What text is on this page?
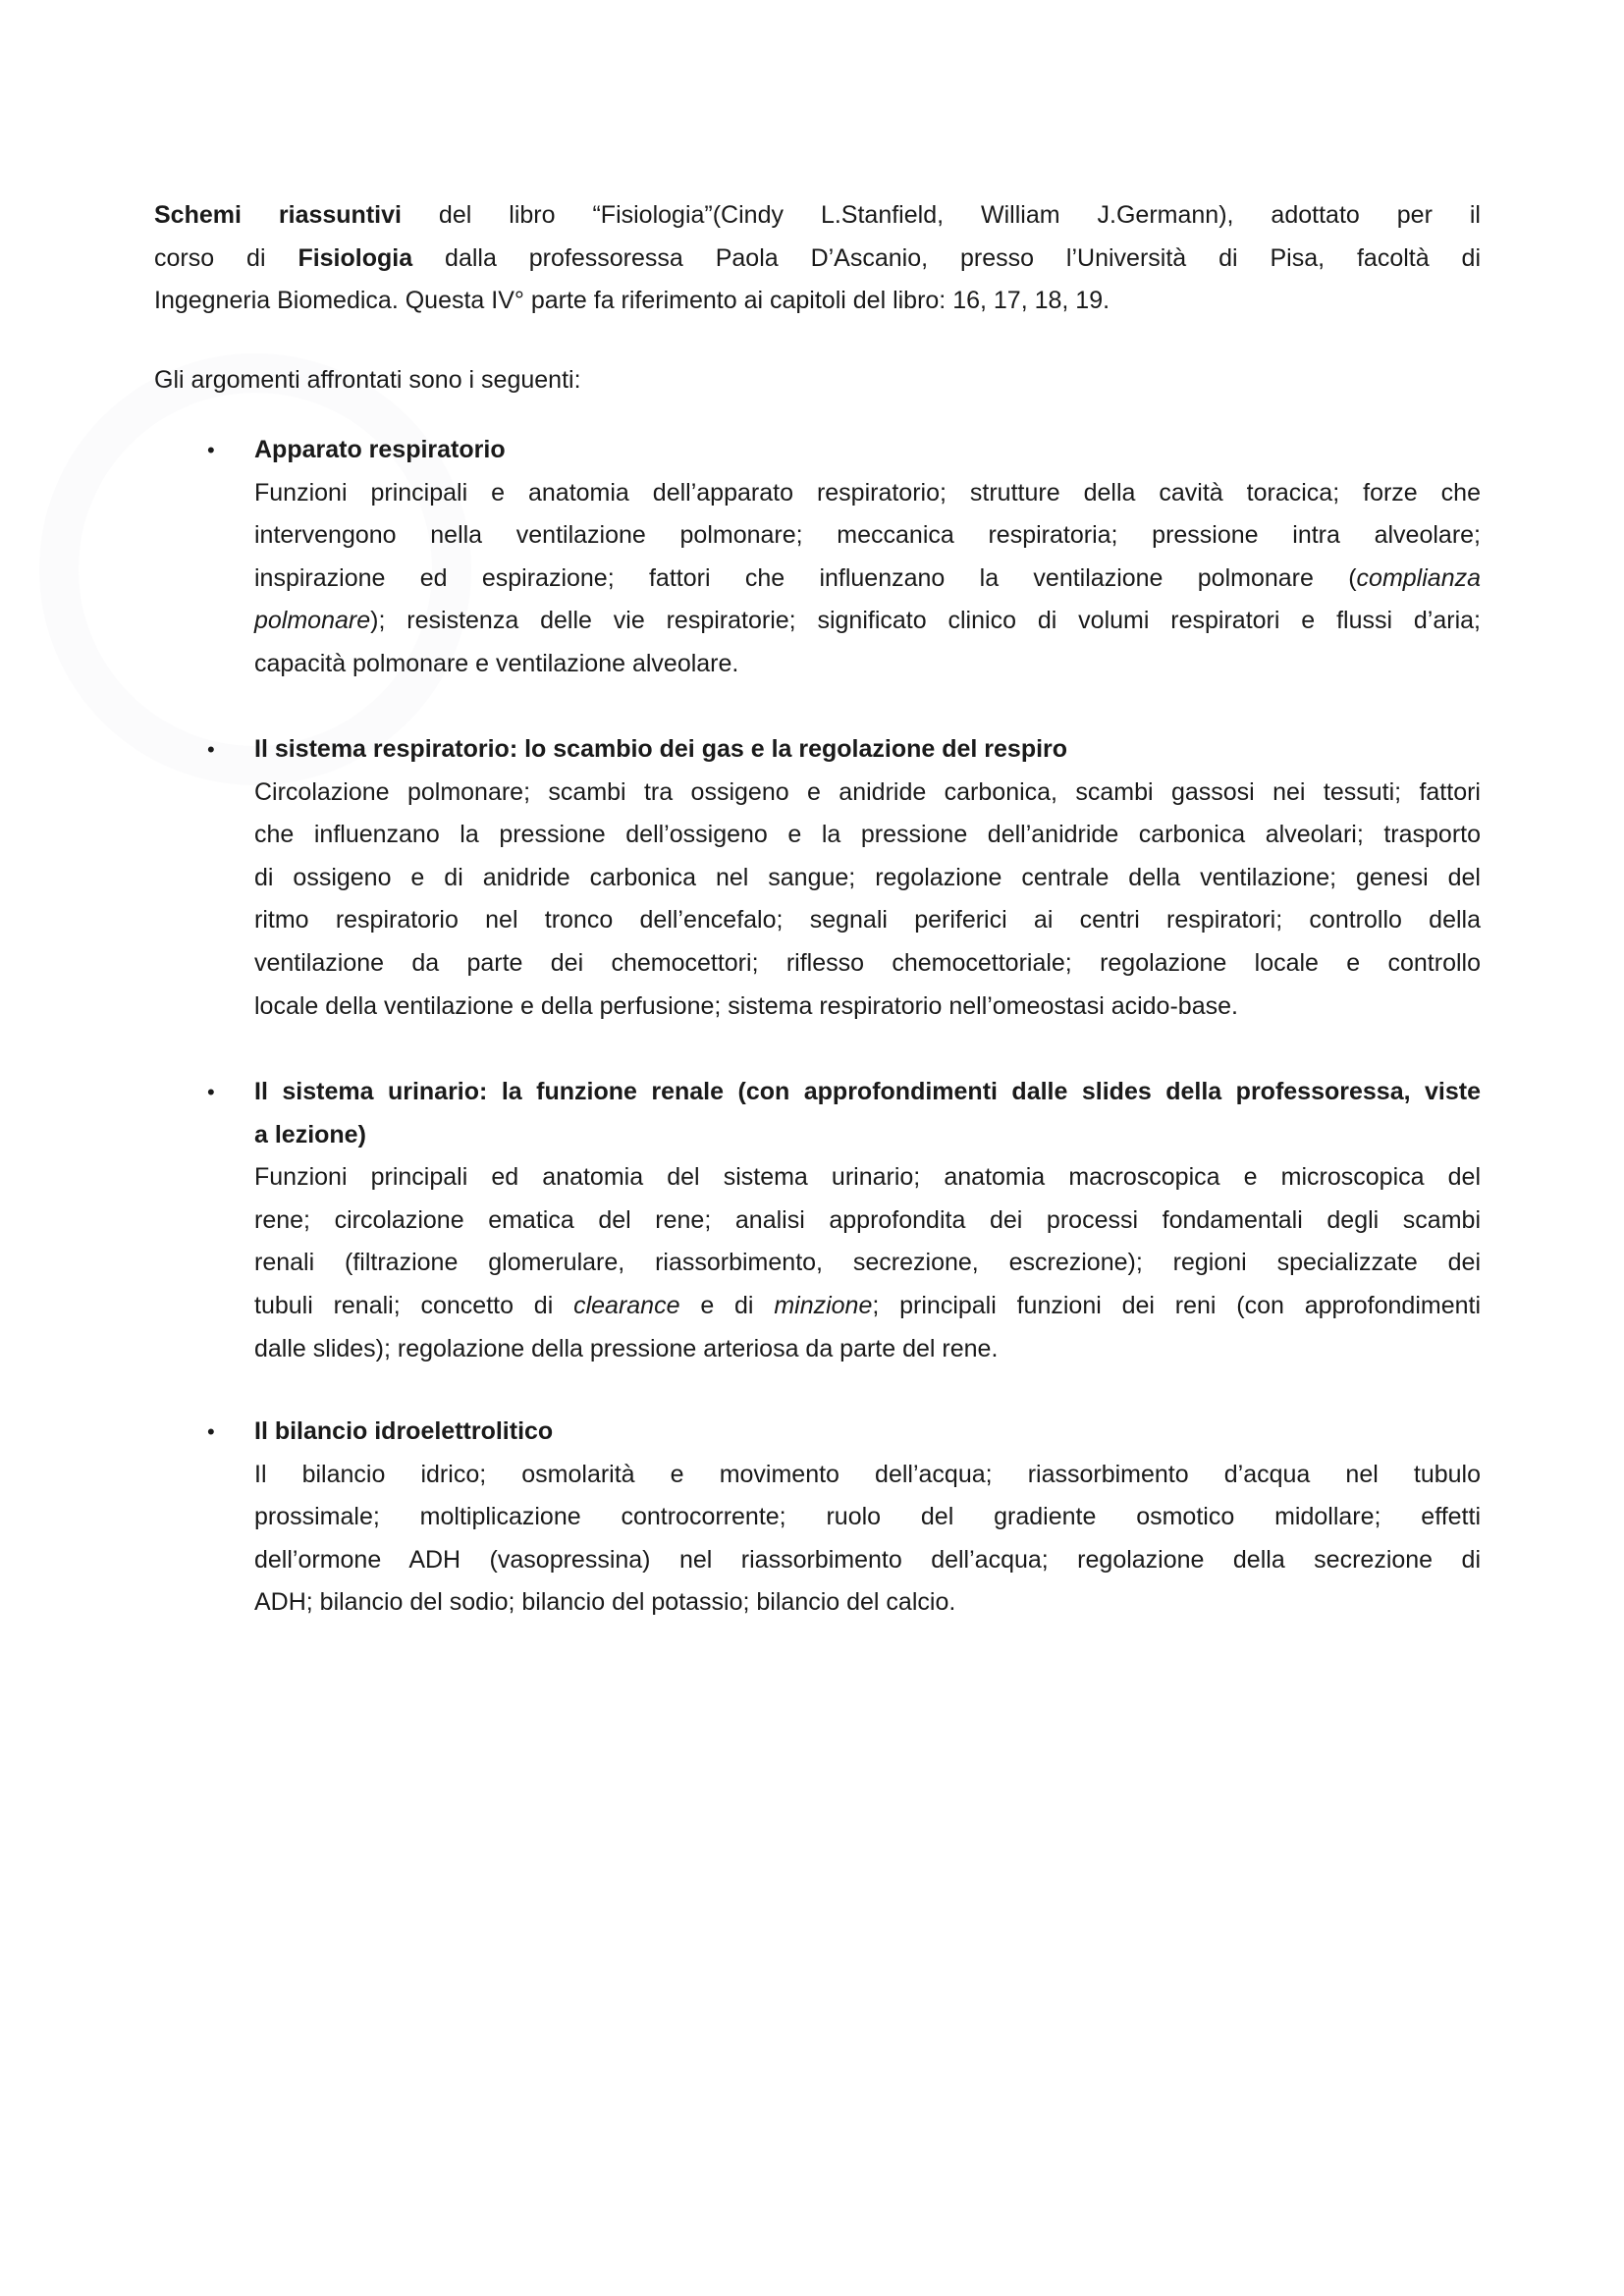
Schemi riassuntivi del libro “Fisiologia”(Cindy L.Stanfield, William J.Germann), adottato per il
corso di Fisiologia dalla professoressa Paola D’Ascanio, presso l’Università di Pisa, facoltà di
Ingegneria Biomedica. Questa IV° parte fa riferimento ai capitoli del libro: 16, 17, 18, 19.
Gli argomenti affrontati sono i seguenti:
• Apparato respiratorio
Funzioni principali e anatomia dell’apparato respiratorio; strutture della cavità toracica; forze che
intervengono nella ventilazione polmonare; meccanica respiratoria; pressione intra alveolare;
inspirazione ed espirazione; fattori che influenzano la ventilazione polmonare (complianza
polmonare); resistenza delle vie respiratorie; significato clinico di volumi respiratori e flussi d’aria;
capacità polmonare e ventilazione alveolare.
• Il sistema respiratorio: lo scambio dei gas e la regolazione del respiro
Circolazione polmonare; scambi tra ossigeno e anidride carbonica, scambi gassosi nei tessuti; fattori
che influenzano la pressione dell’ossigeno e la pressione dell’anidride carbonica alveolari; trasporto
di ossigeno e di anidride carbonica nel sangue; regolazione centrale della ventilazione; genesi del
ritmo respiratorio nel tronco dell’encefalo; segnali periferici ai centri respiratori; controllo della
ventilazione da parte dei chemocettori; riflesso chemocettoriale; regolazione locale e controllo
locale della ventilazione e della perfusione; sistema respiratorio nell’omeostasi acido-base.
• Il sistema urinario: la funzione renale (con approfondimenti dalle slides della professoressa, viste
a lezione)
Funzioni principali ed anatomia del sistema urinario; anatomia macroscopica e microscopica del
rene; circolazione ematica del rene; analisi approfondita dei processi fondamentali degli scambi
renali (filtrazione glomerulare, riassorbimento, secrezione, escrezione); regioni specializzate dei
tubuli renali; concetto di clearance e di minzione; principali funzioni dei reni (con approfondimenti
dalle slides); regolazione della pressione arteriosa da parte del rene.
• Il bilancio idroelettrolitico
Il bilancio idrico; osmolarità e movimento dell’acqua; riassorbimento d’acqua nel tubulo
prossimale; moltiplicazione controcorrente; ruolo del gradiente osmotico midollare; effetti
dell’ormone ADH (vasopressina) nel riassorbimento dell’acqua; regolazione della secrezione di
ADH; bilancio del sodio; bilancio del potassio; bilancio del calcio.
